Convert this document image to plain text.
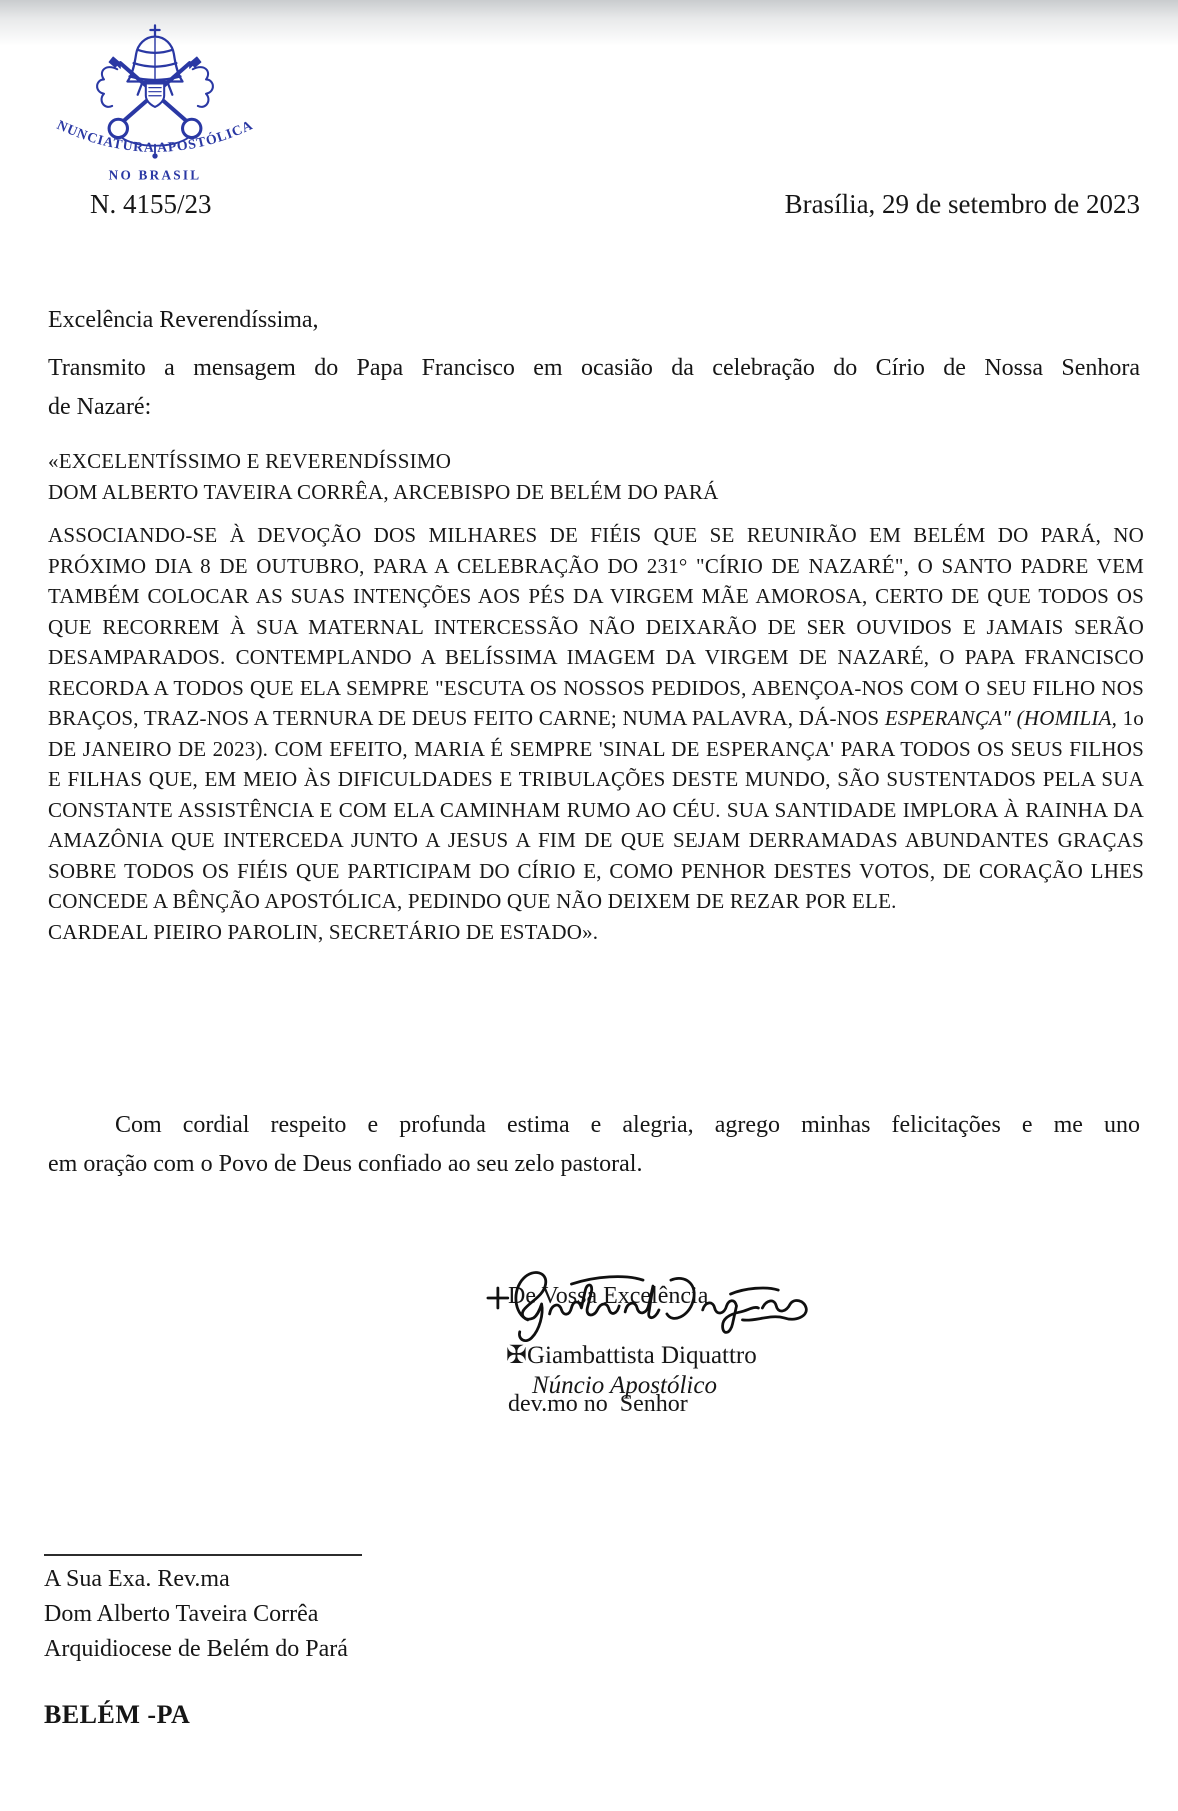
NUNCIATURA APOSTÓLICA
NO BRASIL
N. 4155/23	Brasília, 29 de setembro de 2023
Excelência Reverendíssima,
Transmito a mensagem do Papa Francisco em ocasião da celebração do Círio de Nossa Senhora
de Nazaré:
«EXCELENTÍSSIMO E REVERENDÍSSIMO
DOM ALBERTO TAVEIRA CORRÊA, ARCEBISPO DE BELÉM DO PARÁ

ASSOCIANDO-SE À DEVOÇÃO DOS MILHARES DE FIÉIS QUE SE REUNIRÃO EM BELÉM DO PARÁ, NO PRÓXIMO DIA 8 DE OUTUBRO, PARA A CELEBRAÇÃO DO 231° "CÍRIO DE NAZARÉ", O SANTO PADRE VEM TAMBÉM COLOCAR AS SUAS INTENÇÕES AOS PÉS DA VIRGEM MÃE AMOROSA, CERTO DE QUE TODOS OS QUE RECORREM À SUA MATERNAL INTERCESSÃO NÃO DEIXARÃO DE SER OUVIDOS E JAMAIS SERÃO DESAMPARADOS. CONTEMPLANDO A BELÍSSIMA IMAGEM DA VIRGEM DE NAZARÉ, O PAPA FRANCISCO RECORDA A TODOS QUE ELA SEMPRE "ESCUTA OS NOSSOS PEDIDOS, ABENÇOA-NOS COM O SEU FILHO NOS BRAÇOS, TRAZ-NOS A TERNURA DE DEUS FEITO CARNE; NUMA PALAVRA, DÁ-NOS ESPERANÇA" (HOMILIA, 1o DE JANEIRO DE 2023). COM EFEITO, MARIA É SEMPRE 'SINAL DE ESPERANÇA' PARA TODOS OS SEUS FILHOS E FILHAS QUE, EM MEIO ÀS DIFICULDADES E TRIBULAÇÕES DESTE MUNDO, SÃO SUSTENTADOS PELA SUA CONSTANTE ASSISTÊNCIA E COM ELA CAMINHAM RUMO AO CÉU. SUA SANTIDADE IMPLORA À RAINHA DA AMAZÔNIA QUE INTERCEDA JUNTO A JESUS A FIM DE QUE SEJAM DERRAMADAS ABUNDANTES GRAÇAS SOBRE TODOS OS FIÉIS QUE PARTICIPAM DO CÍRIO E, COMO PENHOR DESTES VOTOS, DE CORAÇÃO LHES CONCEDE A BÊNÇÃO APOSTÓLICA, PEDINDO QUE NÃO DEIXEM DE REZAR POR ELE.

CARDEAL PIEIRO PAROLIN, SECRETÁRIO DE ESTADO».
Com cordial respeito e profunda estima e alegria, agrego minhas felicitações e me uno
em oração com o Povo de Deus confiado ao seu zelo pastoral.

De Vossa Excelência

dev.mo no  Senhor

✠Giambattista Diquattro
Núncio Apostólico
A Sua Exa. Rev.ma
Dom Alberto Taveira Corrêa
Arquidiocese de Belém do Pará
BELÉM -PA
